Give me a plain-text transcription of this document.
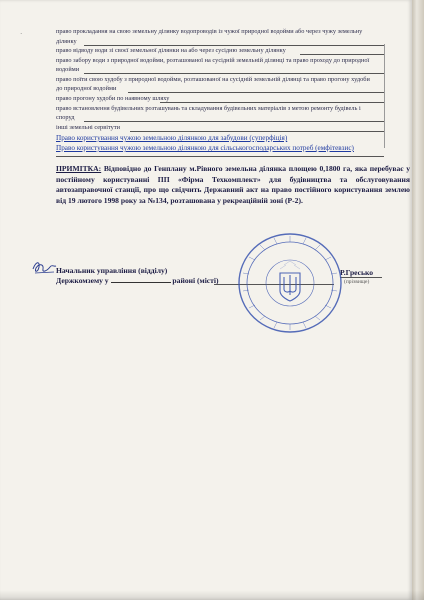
·	право прокладання на свою земельну ділянку водопроводів із чужої природної водойми або через чужу земельну
ділянку
право відводу води зі своєї земельної ділянки на або через сусідню земельну ділянку
право забору води з природної водойми, розташованої на сусідній земельній ділянці та право проходу до природної
водойми
право поїти свою худобу з природної водойми, розташованої на сусідній земельній ділянці та право прогону худоби
до природної водойми
право прогону худоби по наявному шляху
право встановлення будівельних розташувань та складування будівельних матеріалів з метою ремонту будівель і
споруд
інші земельні сервітути
Право користування чужою земельною ділянкою для забудови (суперфіція)
Право користування чужою земельною ділянкою для сільськогосподарських потреб (емфітевзис)
ПРИМІТКА: Відповідно до Генплану м.Рівного земельна ділянка площею 0,1800 га, яка перебуває у постійному користуванні ПП «Фірма Техкомплект» для будівництва та обслуговування автозаправочної станції, про що свідчить Державний акт на право постійного користування землею від 19 лютого 1998 року за №134, розташована у рекреаційній зоні (Р-2).
Начальник управління (відділу)
Держкомзему у	районі (місті)
Р.Гресько
(прізвище)
